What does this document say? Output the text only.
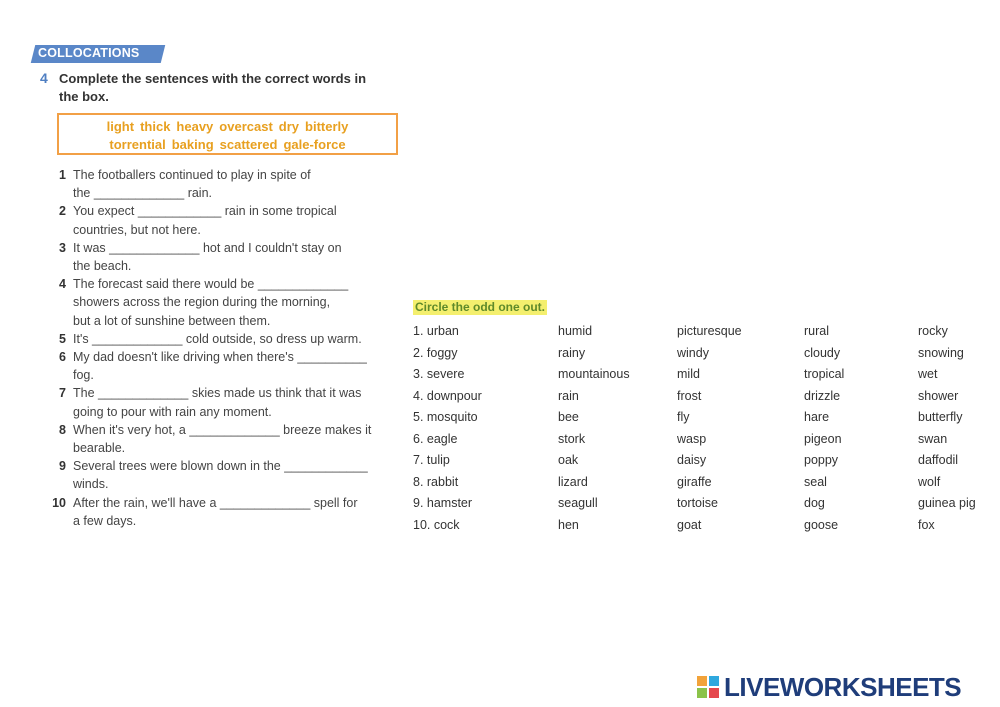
COLLOCATIONS
4 Complete the sentences with the correct words in the box.
light thick heavy overcast dry bitterly
torrential baking scattered gale-force
1 The footballers continued to play in spite of
the _____________ rain.
2 You expect ____________ rain in some tropical
countries, but not here.
3 It was _____________ hot and I couldn't stay on
the beach.
4 The forecast said there would be _____________
showers across the region during the morning,
but a lot of sunshine between them.
5 It's _____________ cold outside, so dress up warm.
6 My dad doesn't like driving when there's __________
fog.
7 The _____________ skies made us think that it was
going to pour with rain any moment.
8 When it's very hot, a _____________ breeze makes it
bearable.
9 Several trees were blown down in the ____________
winds.
10 After the rain, we'll have a _____________ spell for
a few days.
Circle the odd one out.
1. urban	humid	picturesque	rural	rocky
2. foggy	rainy	windy	cloudy	snowing
3. severe	mountainous	mild	tropical	wet
4. downpour	rain	frost	drizzle	shower
5. mosquito	bee	fly	hare	butterfly
6. eagle	stork	wasp	pigeon	swan
7. tulip	oak	daisy	poppy	daffodil
8. rabbit	lizard	giraffe	seal	wolf
9. hamster	seagull	tortoise	dog	guinea pig
10. cock	hen	goat	goose	fox
LIVEWORKSHEETS
